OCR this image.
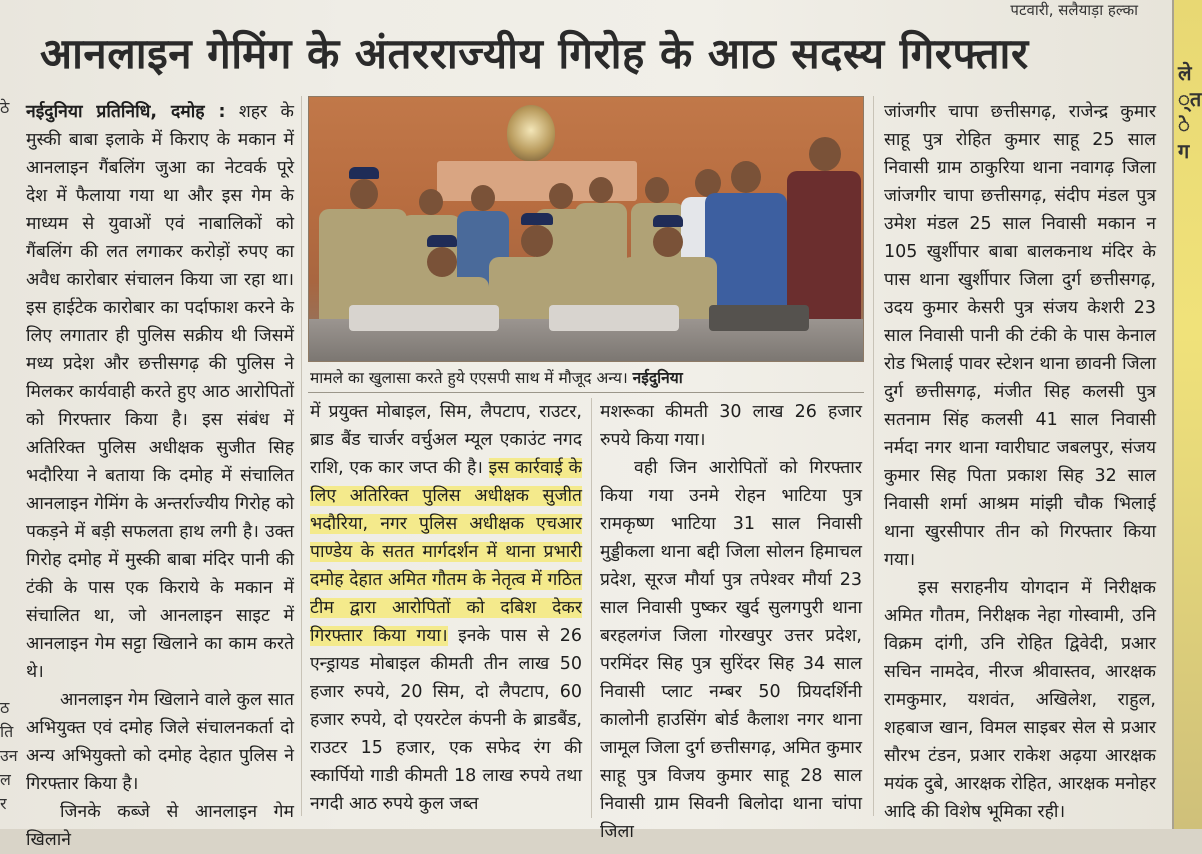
पटवारी, सलैयाड़ा हल्का
आनलाइन गेमिंग के अंतरराज्यीय गिरोह के आठ सदस्य गिरफ्तार
ठे
ठ
ति
उन
ल
र

नईदुनिया प्रतिनिधि, दमोह : शहर के मुस्की बाबा इलाके में किराए के मकान में आनलाइन गैंबलिंग जुआ का नेटवर्क पूरे देश में फैलाया गया था और इस गेम के माध्यम से युवाओं एवं नाबालिकों को गैंबलिंग की लत लगाकर करोड़ों रुपए का अवैध कारोबार संचालन किया जा रहा था। इस हाईटेक कारोबार का पर्दाफाश करने के लिए लगातार ही पुलिस सक्रीय थी जिसमें मध्य प्रदेश और छत्तीसगढ़ की पुलिस ने मिलकर कार्यवाही करते हुए आठ आरोपितों को गिरफ्तार किया है। इस संबंध में अतिरिक्त पुलिस अधीक्षक सुजीत सिह भदौरिया ने बताया कि दमोह में संचालित आनलाइन गेमिंग के अन्तर्राज्यीय गिरोह को पकड़ने में बड़ी सफलता हाथ लगी है। उक्त गिरोह दमोह में मुस्की बाबा मंदिर पानी की टंकी के पास एक किराये के मकान में संचालित था, जो आनलाइन साइट में आनलाइन गेम सट्टा खिलाने का काम करते थे।

आनलाइन गेम खिलाने वाले कुल सात अभियुक्त एवं दमोह जिले संचालनकर्ता दो अन्य अभियुक्तो को दमोह देहात पुलिस ने गिरफ्तार किया है।

जिनके कब्जे से आनलाइन गेम खिलाने

मामले का खुलासा करते हुये एएसपी साथ में मौजूद अन्य। नईदुनिया

में प्रयुक्त मोबाइल, सिम, लैपटाप, राउटर, ब्राड बैंड चार्जर वर्चुअल म्यूल एकाउंट नगद राशि, एक कार जप्त की है। इस कार्रवाई के लिए अतिरिक्त पुलिस अधीक्षक सुजीत भदौरिया, नगर पुलिस अधीक्षक एचआर पाण्डेय के सतत मार्गदर्शन में थाना प्रभारी दमोह देहात अमित गौतम के नेतृत्व में गठित टीम द्वारा आरोपितों को दबिश देकर गिरफ्तार किया गया। इनके पास से 26 एन्ड्रायड मोबाइल कीमती तीन लाख 50 हजार रुपये, 20 सिम, दो लैपटाप, 60 हजार रुपये, दो एयरटेल कंपनी के ब्राडबैंड, राउटर 15 हजार, एक सफेद रंग की स्कार्पियो गाडी कीमती 18 लाख रुपये तथा नगदी आठ रुपये कुल जब्त

मशरूका कीमती 30 लाख 26 हजार रुपये किया गया।

वही जिन आरोपितों को गिरफ्तार किया गया उनमे रोहन भाटिया पुत्र रामकृष्ण भाटिया 31 साल निवासी मुड्डीकला थाना बद्दी जिला सोलन हिमाचल प्रदेश, सूरज मौर्या पुत्र तपेश्वर मौर्या 23 साल निवासी पुष्कर खुर्द सुलगपुरी थाना बरहलगंज जिला गोरखपुर उत्तर प्रदेश, परमिंदर सिह पुत्र सुरिंदर सिह 34 साल निवासी प्लाट नम्बर 50 प्रियदर्शिनी कालोनी हाउसिंग बोर्ड कैलाश नगर थाना जामूल जिला दुर्ग छत्तीसगढ़, अमित कुमार साहू पुत्र विजय कुमार साहू 28 साल निवासी ग्राम सिवनी बिलोदा थाना चांपा जिला

जांजगीर चापा छत्तीसगढ़, राजेन्द्र कुमार साहू पुत्र रोहित कुमार साहू 25 साल निवासी ग्राम ठाकुरिया थाना नवागढ़ जिला जांजगीर चापा छत्तीसगढ़, संदीप मंडल पुत्र उमेश मंडल 25 साल निवासी मकान न 105 खुर्शीपार बाबा बालकनाथ मंदिर के पास थाना खुर्शीपार जिला दुर्ग छत्तीसगढ़, उदय कुमार केसरी पुत्र संजय केशरी 23 साल निवासी पानी की टंकी के पास केनाल रोड भिलाई पावर स्टेशन थाना छावनी जिला दुर्ग छत्तीसगढ़, मंजीत सिह कलसी पुत्र सतनाम सिंह कलसी 41 साल निवासी नर्मदा नगर थाना ग्वारीघाट जबलपुर, संजय कुमार सिह पिता प्रकाश सिह 32 साल निवासी शर्मा आश्रम मांझी चौक भिलाई थाना खुरसीपार तीन को गिरफ्तार किया गया।

इस सराहनीय योगदान में निरीक्षक अमित गौतम, निरीक्षक नेहा गोस्वामी, उनि विक्रम दांगी, उनि रोहित द्विवेदी, प्रआर सचिन नामदेव, नीरज श्रीवास्तव, आरक्षक रामकुमार, यशवंत, अखिलेश, राहुल, शहबाज खान, विमल साइबर सेल से प्रआर सौरभ टंडन, प्रआर राकेश अढ़या आरक्षक मयंक दुबे, आरक्षक रोहित, आरक्षक मनोहर आदि की विशेष भूमिका रही।

ले
्त
े ग
